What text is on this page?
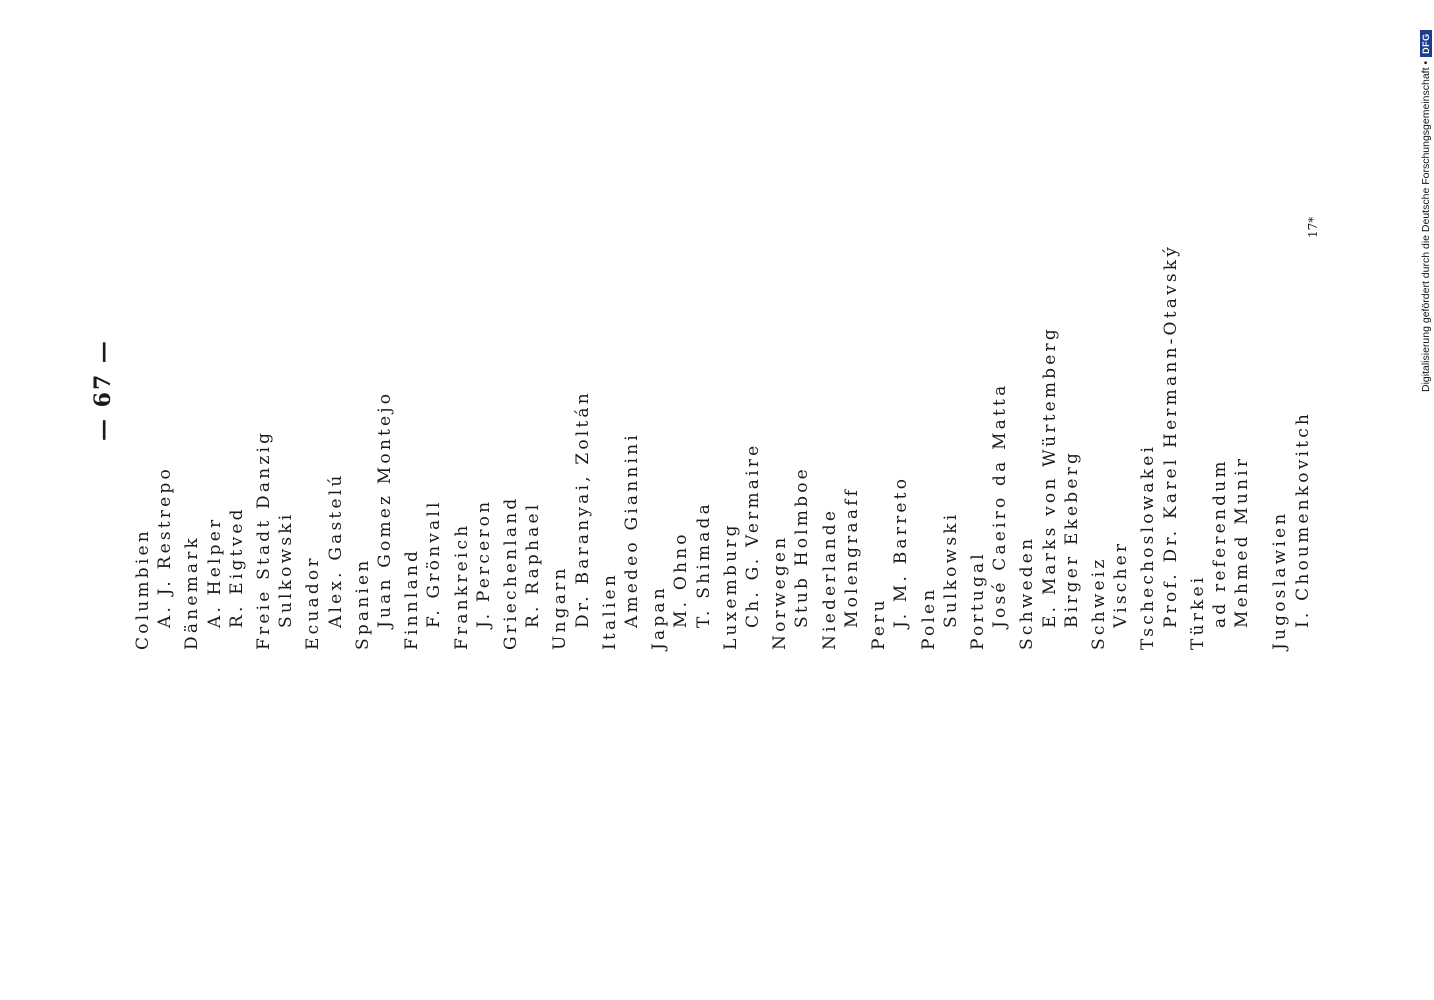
— 67 —
Columbien A. J. Restrepo Dänemark A. Helper R. Eigtved Freie Stadt Danzig Sulkowski Ecuador Alex. Gastelú Spanien Juan Gomez Montejo Finnland F. Grönvall Frankreich J. Perceron Griechenland R. Raphael Ungarn Dr. Baranyai, Zoltán Italien Amedeo Giannini Japan M. Ohno T. Shimada Luxemburg Ch. G. Vermaire Norwegen Stub Holmboe Niederlande Molengraaff Peru J. M. Barreto Polen Sulkowski Portugal José Caeiro da Matta Schweden E. Marks von Würtemberg Birger Ekeberg Schweiz Vischer Tschechoslowakei Prof. Dr. Karel Hermann-Otavský Türkei ad referendum Mehmed Munir Jugoslawien I. Choumenkovitch
17*	Digitalisierung gefördert durch die Deutsche Forschungsgemeinschaft •
DFG
